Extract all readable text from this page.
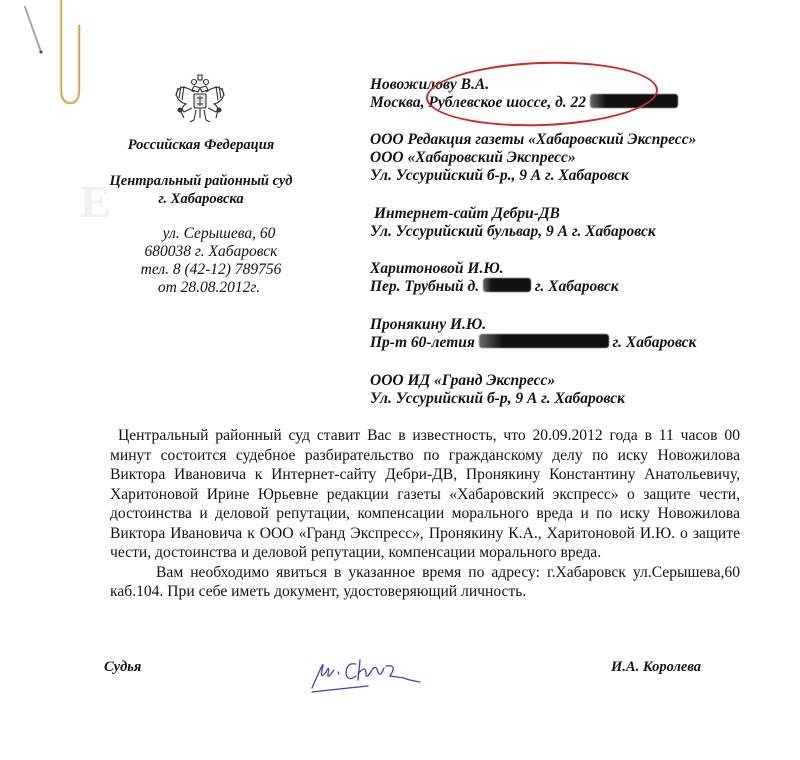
E​

Российская Федерация
Центральный районный суд
г. Хабаровска
ул. Серышева, 60
680038 г. Хабаровск
тел. 8 (42-12) 789756
от 28.08.2012г.
Новожилову В.А.
Москва, Рублевское шоссе, д. 22
ООО Редакция газеты «Хабаровский Экспресс»
ООО «Хабаровский Экспресс»
Ул. Уссурийский б-р., 9 А г. Хабаровск
Интернет-сайт Дебри-ДВ
Ул. Уссурийский бульвар, 9 А г. Хабаровск
Харитоновой И.Ю.
Пер. Трубный д.	г. Хабаровск
Пронякину И.Ю.
Пр-т 60-летия	г. Хабаровск
ООО ИД «Гранд Экспресс»
Ул. Уссурийский б-р, 9 А г. Хабаровск

Центральный районный суд ставит Вас в известность, что 20.09.2012 года в 11 часов 00 минут состоится судебное разбирательство по гражданскому делу по иску Новожилова Виктора Ивановича к Интернет-сайту Дебри-ДВ, Пронякину Константину Анатольевичу, Харитоновой Ирине Юрьевне редакции газеты «Хабаровский экспресс» о защите чести, достоинства и деловой репутации, компенсации морального вреда и по иску Новожилова Виктора Ивановича к ООО «Гранд Экспресс», Пронякину К.А., Харитоновой И.Ю. о защите чести, достоинства и деловой репутации, компенсации морального вреда.

Вам необходимо явиться в указанное время по адресу: г.Хабаровск ул.Серышева,60 каб.104. При себе иметь документ, удостоверяющий личность.

Судья	И.А. Королева
